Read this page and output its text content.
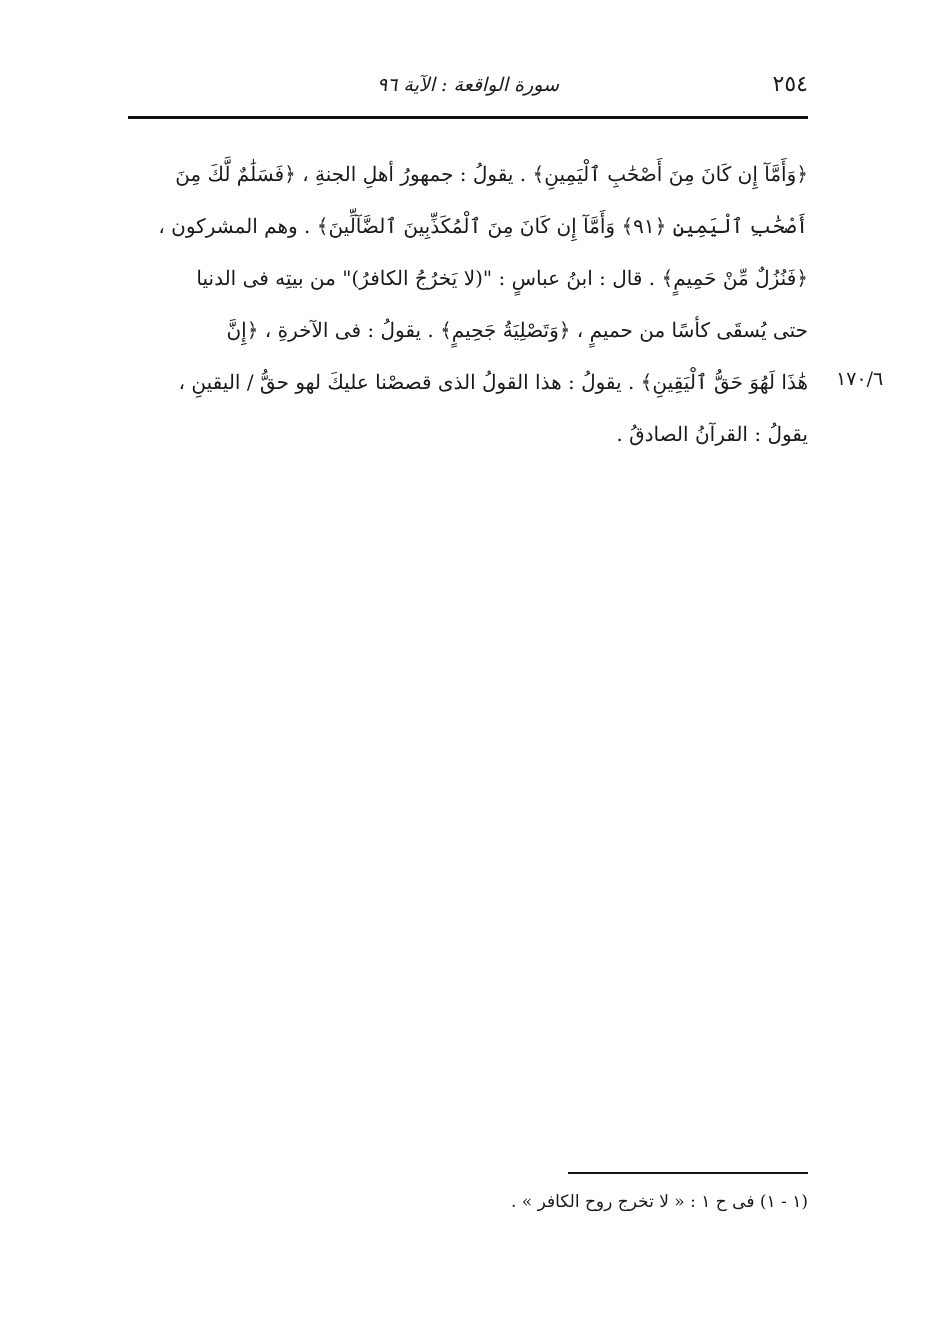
٢٥٤
سورة الواقعة : الآية ٩٦
﴿وَأَمَّآ إِن كَانَ مِنَ أَصْحَٰبِ ٱلْيَمِينِ﴾ . يقولُ : جمهورُ أهلِ الجنةِ ، ﴿فَسَلَٰمٌ لَّكَ مِنَ
أَصْحَٰبِ ٱلْيَمِينِ ﴿٩١﴾ وَأَمَّآ إِن كَانَ مِنَ ٱلْمُكَذِّبِينَ ٱلضَّآلِّينَ﴾ . وهم المشركون ،
﴿فَنُزُلٌ مِّنْ حَمِيمٍ﴾ . قال : ابنُ عباسٍ : "(لا يَخرُجُ الكافرُ)" من بيتِه فى الدنيا
حتى يُسقَى كأسًا من حميمٍ ، ﴿وَتَصْلِيَةُ جَحِيمٍ﴾ . يقولُ : فى الآخرةِ ، ﴿إِنَّ
هَٰذَا لَهُوَ حَقُّ ٱلْيَقِينِ﴾ . يقولُ : هذا القولُ الذى قصصْنا عليكَ لهو حقُّ / اليقينِ ،
يقولُ : القرآنُ الصادقُ .
١٧٠/٦
(١ - ١) فى ح ١ : « لا تخرج روح الكافر » .
